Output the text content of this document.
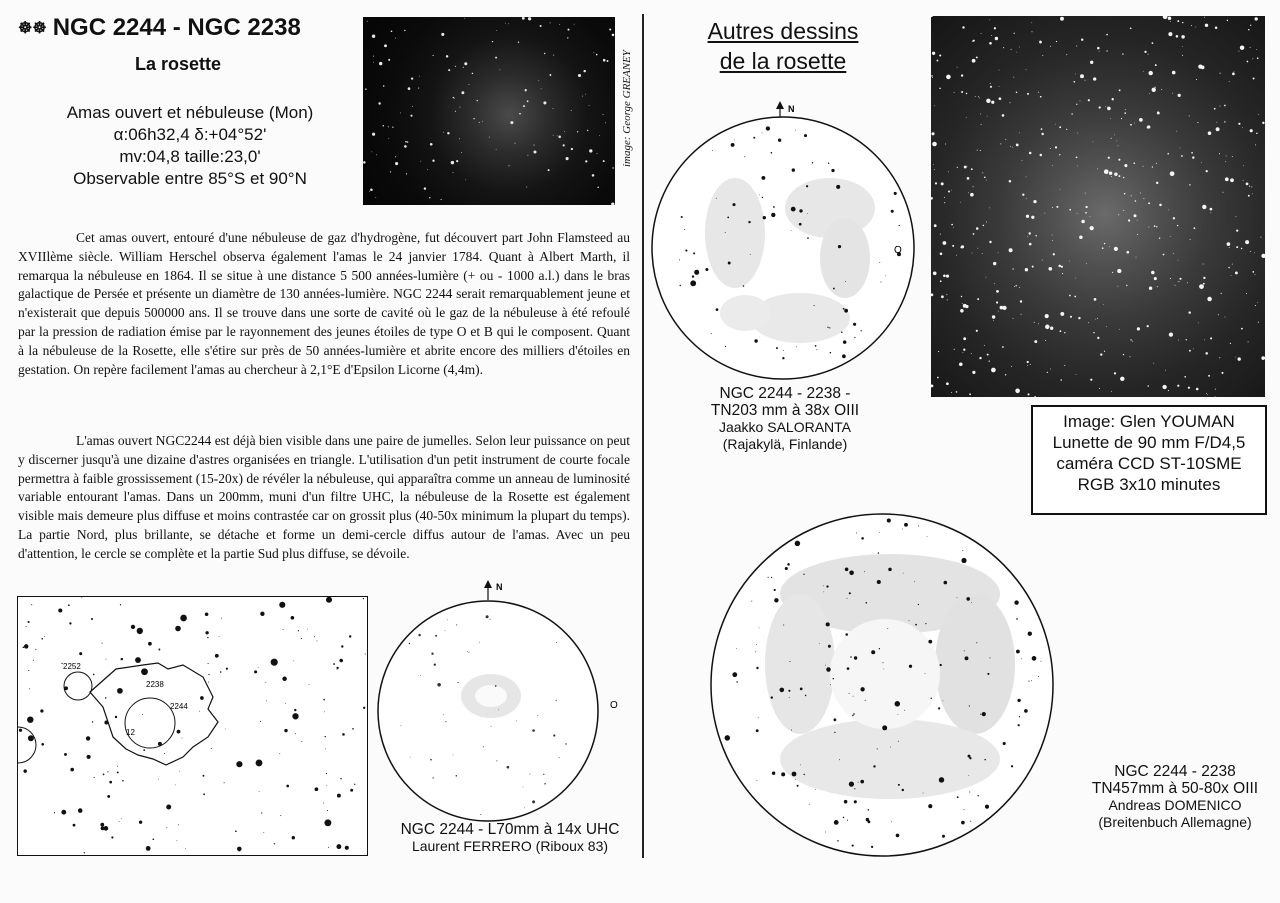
☸☸ NGC 2244 - NGC 2238
La rosette
Amas ouvert et nébuleuse (Mon)
α:06h32,4 δ:+04°52'
mv:04,8 taille:23,0'
Observable entre 85°S et 90°N
image: George GREANEY
Cet amas ouvert, entouré d'une nébuleuse de gaz d'hydrogène, fut découvert part John Flamsteed au XVIIlème siècle. William Herschel observa également l'amas le 24 janvier 1784. Quant à Albert Marth, il remarqua la nébuleuse en 1864. Il se situe à une distance 5 500 années-lumière (+ ou - 1000 a.l.) dans le bras galactique de Persée et présente un diamètre de 130 années-lumière. NGC 2244 serait remarquablement jeune et n'existerait que depuis 500000 ans. Il se trouve dans une sorte de cavité où le gaz de la nébuleuse à été refoulé par la pression de radiation émise par le rayonnement des jeunes étoiles de type O et B qui le composent. Quant à la nébuleuse de la Rosette, elle s'étire sur près de 50 années-lumière et abrite encore des milliers d'étoiles en gestation. On repère facilement l'amas au chercheur à 2,1°E d'Epsilon Licorne (4,4m).
L'amas ouvert NGC2244 est déjà bien visible dans une paire de jumelles. Selon leur puissance on peut y discerner jusqu'à une dizaine d'astres organisées en triangle. L'utilisation d'un petit instrument de courte focale permettra à faible grossissement (15-20x) de révéler la nébuleuse, qui apparaîtra comme un anneau de luminosité variable entourant l'amas. Dans un 200mm, muni d'un filtre UHC, la nébuleuse de la Rosette est également visible mais demeure plus diffuse et moins contrastée car on grossit plus (40-50x minimum la plupart du temps). La partie Nord, plus brillante, se détache et forme un demi-cercle diffus autour de l'amas. Avec un peu d'attention, le cercle se complète et la partie Sud plus diffuse, se dévoile.
2252
2238
2244
12
N
O
NGC 2244 - L70mm à 14x UHC
Laurent FERRERO (Riboux 83)
Autres dessins
de la rosette
N
O
NGC 2244 - 2238 -
TN203 mm à 38x OIII
Jaakko SALORANTA
(Rajakylä, Finlande)
Image: Glen YOUMAN
Lunette de 90 mm F/D4,5
caméra CCD ST-10SME
RGB 3x10 minutes
NGC 2244 - 2238
TN457mm à 50-80x OIII
Andreas DOMENICO
(Breitenbuch Allemagne)
